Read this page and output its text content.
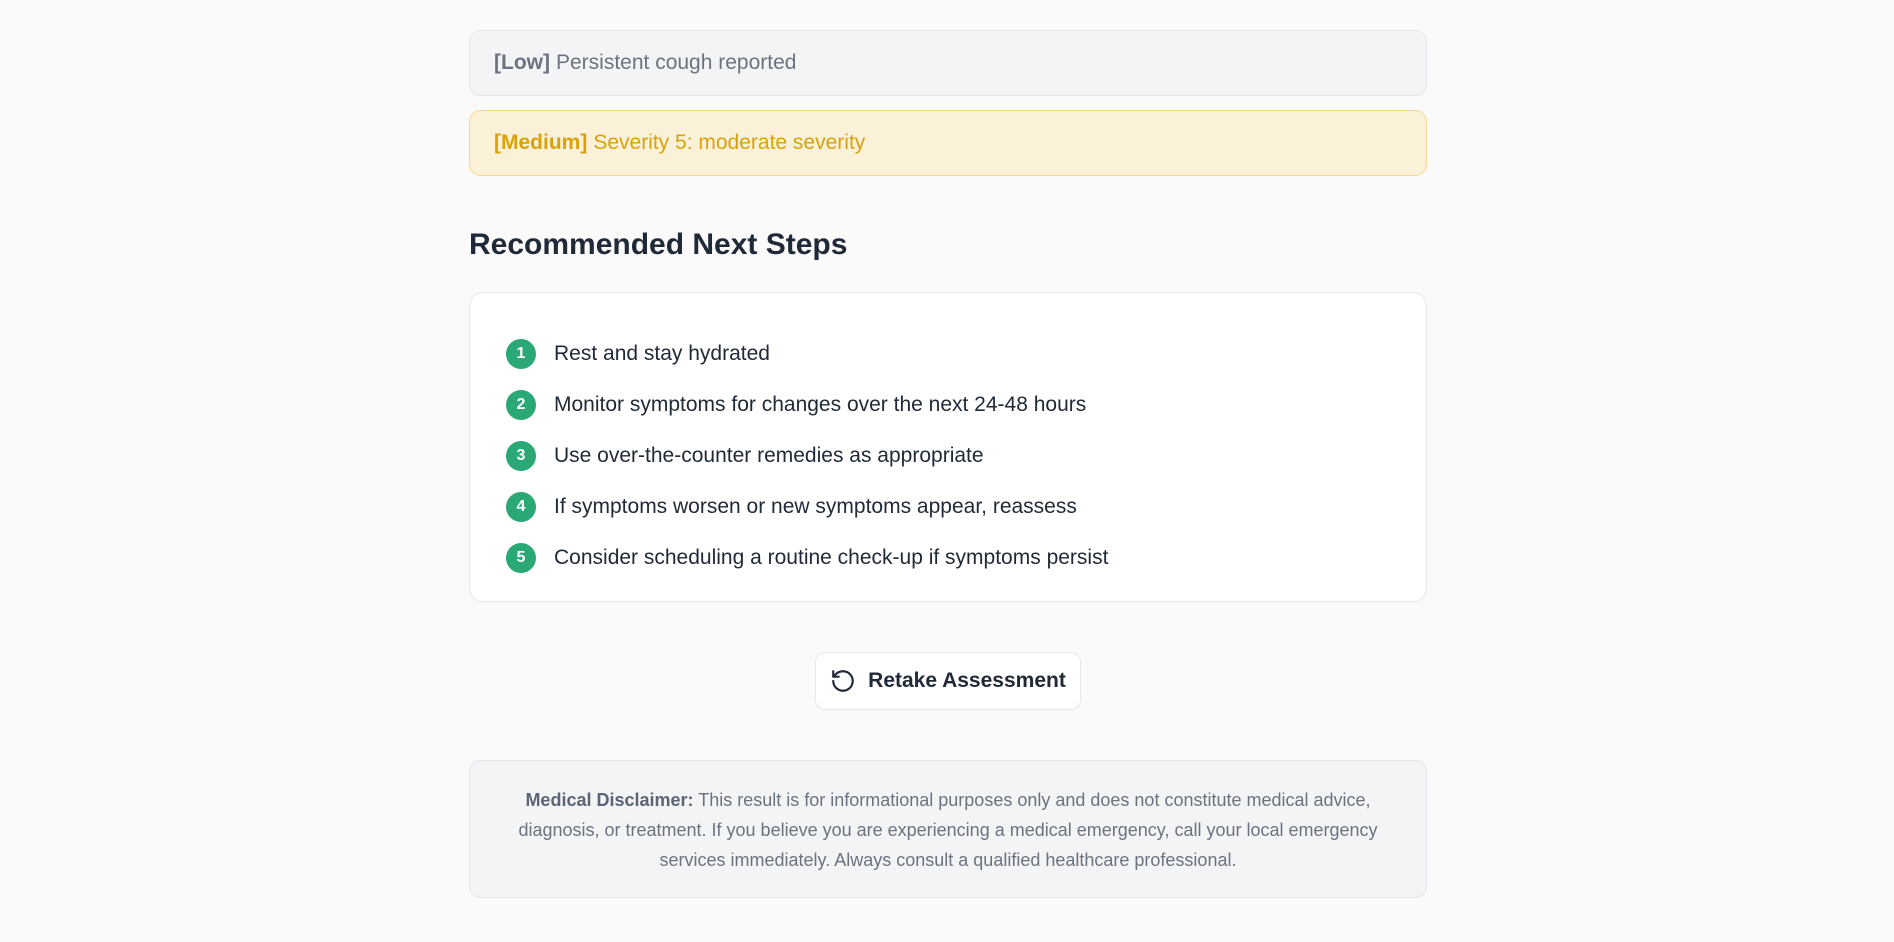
[Low] Persistent cough reported
[Medium] Severity 5: moderate severity
Recommended Next Steps
1	Rest and stay hydrated
2	Monitor symptoms for changes over the next 24-48 hours
3	Use over-the-counter remedies as appropriate
4	If symptoms worsen or new symptoms appear, reassess
5	Consider scheduling a routine check-up if symptoms persist
Retake Assessment
Medical Disclaimer: This result is for informational purposes only and does not constitute medical advice, diagnosis, or treatment. If you believe you are experiencing a medical emergency, call your local emergency services immediately. Always consult a qualified healthcare professional.
